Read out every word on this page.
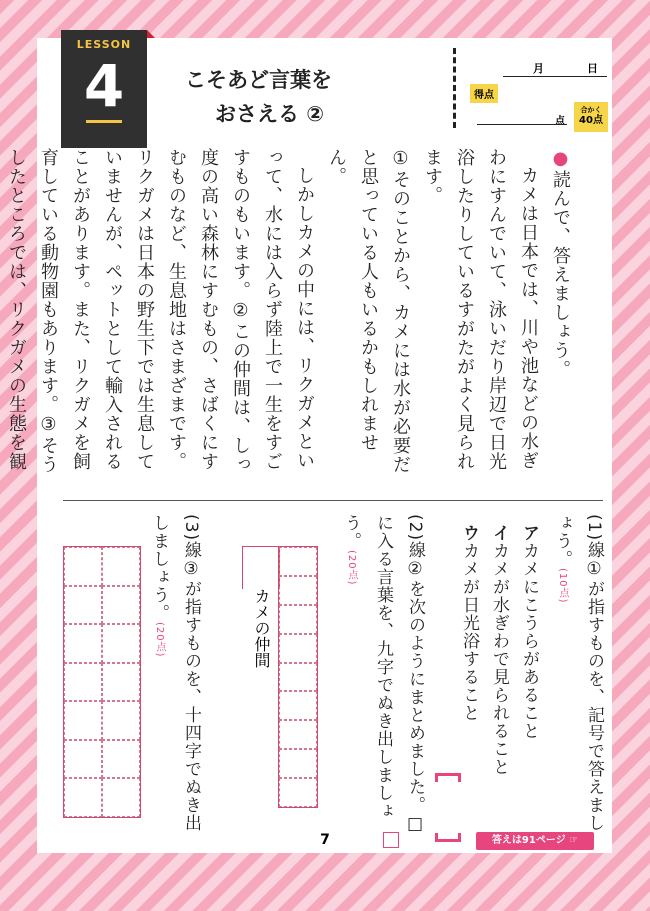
LESSON
4	こそあど言葉を
おさえる ②
月	日
得点
点
合かく
40点

●読んで、答えましょう。

カメは日本では、川や池などの水ぎわにすんでいて、泳いだり岸辺で日光浴したりしているすがたがよく見られます。

①そのことから、カメには水が必要だと思っている人もいるかもしれません。

しかしカメの中には、リクガメといって、水には入らず陸上で一生をすごすものもいます。②この仲間は、しっ度の高い森林にすむもの、さばくにすむものなど、生息地はさまざまです。リクガメは日本の野生下では生息していませんが、ペットとして輸入されることがあります。また、リクガメを飼育している動物園もあります。③そうしたところでは、リクガメの生態を観

(1)線①が指すものを、記号で答えましょう。(10点)
アカメにこうらがあること
イカメが水ぎわで見られること
ウカメが日光浴すること
(2)線②を次のようにまとめました。□に入る言葉を、九字でぬき出しましょう。(20点)
カメの仲間
(3)線③が指すものを、十四字でぬき出しましょう。(20点)
7	答えは91ページ ☞
